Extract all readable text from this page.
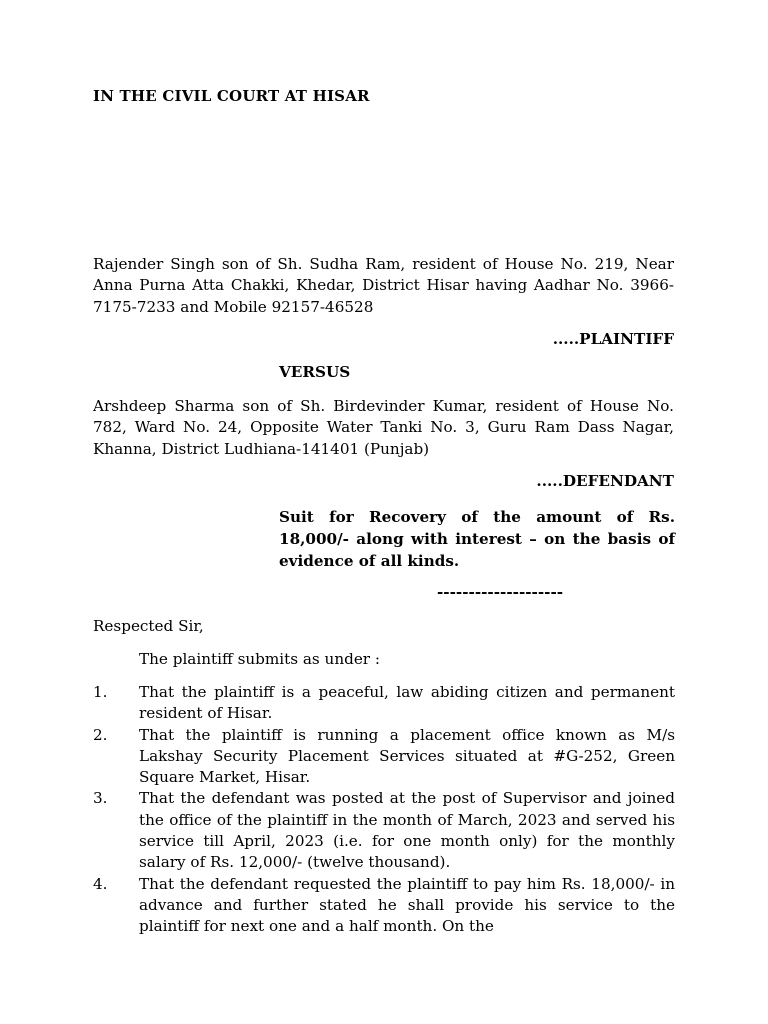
IN THE CIVIL COURT AT HISAR
Rajender Singh son of Sh. Sudha Ram, resident of House No. 219, Near Anna Purna Atta Chakki, Khedar, District Hisar having Aadhar No. 3966-7175-7233 and Mobile 92157-46528
.....PLAINTIFF
VERSUS
Arshdeep Sharma son of Sh. Birdevinder Kumar, resident of House No. 782, Ward No. 24, Opposite Water Tanki No. 3, Guru Ram Dass Nagar, Khanna, District Ludhiana-141401 (Punjab)
.....DEFENDANT
Suit for Recovery of the amount of Rs. 18,000/- along with interest – on the basis of evidence of all kinds.
--------------------
Respected Sir,
The plaintiff submits as under :
1.	That the plaintiff is a peaceful, law abiding citizen and permanent resident of Hisar.
2.	That the plaintiff is running a placement office known as M/s Lakshay Security Placement Services situated at #G-252, Green Square Market, Hisar.
3.	That the defendant was posted at the post of Supervisor and joined the office of the plaintiff in the month of March, 2023 and served his service till April, 2023 (i.e. for one month only) for the monthly salary of Rs. 12,000/- (twelve thousand).
4.	That the defendant requested the plaintiff to pay him Rs. 18,000/- in advance and further stated he shall provide his service to the plaintiff for next one and a half month. On the
